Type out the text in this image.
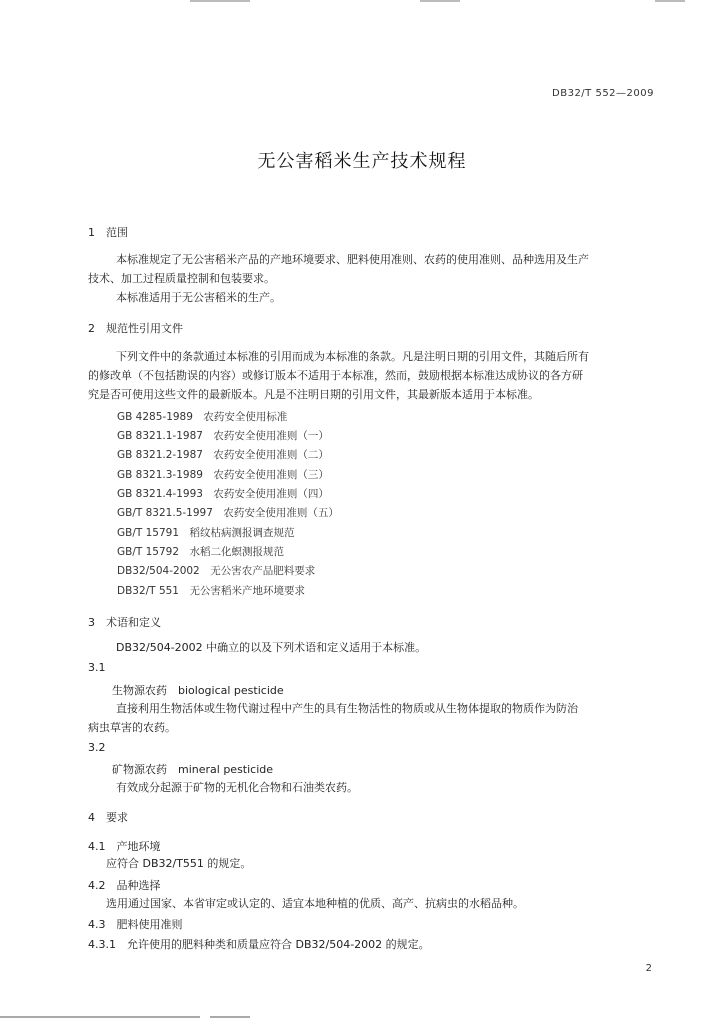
DB32/T 552—2009
无公害稻米生产技术规程
1　范围
本标准规定了无公害稻米产品的产地环境要求、肥料使用准则、农药的使用准则、品种选用及生产
技术、加工过程质量控制和包装要求。
本标准适用于无公害稻米的生产。
2　规范性引用文件
下列文件中的条款通过本标准的引用而成为本标准的条款。凡是注明日期的引用文件，其随后所有
的修改单（不包括勘误的内容）或修订版本不适用于本标准，然而，鼓励根据本标准达成协议的各方研
究是否可使用这些文件的最新版本。凡是不注明日期的引用文件，其最新版本适用于本标准。
GB 4285-1989　农药安全使用标准
GB 8321.1-1987　农药安全使用准则（一）
GB 8321.2-1987　农药安全使用准则（二）
GB 8321.3-1989　农药安全使用准则（三）
GB 8321.4-1993　农药安全使用准则（四）
GB/T 8321.5-1997　农药安全使用准则（五）
GB/T 15791　稻纹枯病测报调查规范
GB/T 15792　水稻二化螟测报规范
DB32/504-2002　无公害农产品肥料要求
DB32/T 551　无公害稻米产地环境要求
3　术语和定义
DB32/504-2002 中确立的以及下列术语和定义适用于本标准。
3.1
生物源农药　biological pesticide
直接利用生物活体或生物代谢过程中产生的具有生物活性的物质或从生物体提取的物质作为防治
病虫草害的农药。
3.2
矿物源农药　mineral pesticide
有效成分起源于矿物的无机化合物和石油类农药。
4　要求
4.1　产地环境
应符合 DB32/T551 的规定。
4.2　品种选择
选用通过国家、本省审定或认定的、适宜本地种植的优质、高产、抗病虫的水稻品种。
4.3　肥料使用准则
4.3.1　允许使用的肥料种类和质量应符合 DB32/504-2002 的规定。
2
